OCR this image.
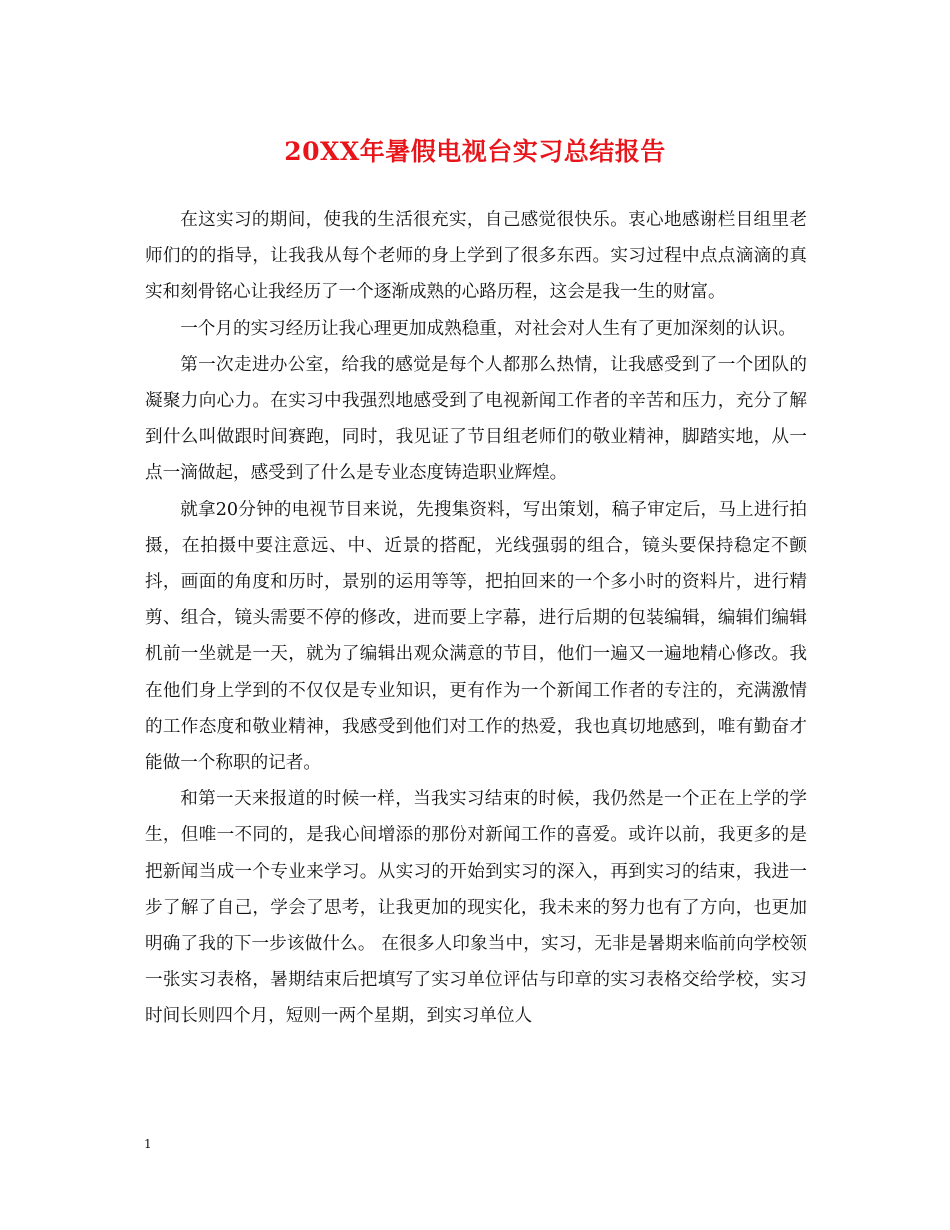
20XX年暑假电视台实习总结报告

在这实习的期间，使我的生活很充实，自己感觉很快乐。衷心地感谢栏目组里老师们的的指导，让我我从每个老师的身上学到了很多东西。实习过程中点点滴滴的真实和刻骨铭心让我经历了一个逐渐成熟的心路历程，这会是我一生的财富。

一个月的实习经历让我心理更加成熟稳重，对社会对人生有了更加深刻的认识。

第一次走进办公室，给我的感觉是每个人都那么热情，让我感受到了一个团队的凝聚力向心力。在实习中我强烈地感受到了电视新闻工作者的辛苦和压力，充分了解到什么叫做跟时间赛跑，同时，我见证了节目组老师们的敬业精神，脚踏实地，从一点一滴做起，感受到了什么是专业态度铸造职业辉煌。

就拿20分钟的电视节目来说，先搜集资料，写出策划，稿子审定后，马上进行拍摄，在拍摄中要注意远、中、近景的搭配，光线强弱的组合，镜头要保持稳定不颤抖，画面的角度和历时，景别的运用等等，把拍回来的一个多小时的资料片，进行精剪、组合，镜头需要不停的修改，进而要上字幕，进行后期的包装编辑，编辑们编辑机前一坐就是一天，就为了编辑出观众满意的节目，他们一遍又一遍地精心修改。我在他们身上学到的不仅仅是专业知识，更有作为一个新闻工作者的专注的，充满激情的工作态度和敬业精神，我感受到他们对工作的热爱，我也真切地感到，唯有勤奋才能做一个称职的记者。

和第一天来报道的时候一样，当我实习结束的时候，我仍然是一个正在上学的学生，但唯一不同的，是我心间增添的那份对新闻工作的喜爱。或许以前，我更多的是把新闻当成一个专业来学习。从实习的开始到实习的深入，再到实习的结束，我进一步了解了自己，学会了思考，让我更加的现实化，我未来的努力也有了方向，也更加明确了我的下一步该做什么。 在很多人印象当中，实习，无非是暑期来临前向学校领一张实习表格，暑期结束后把填写了实习单位评估与印章的实习表格交给学校，实习时间长则四个月，短则一两个星期，到实习单位人

1
